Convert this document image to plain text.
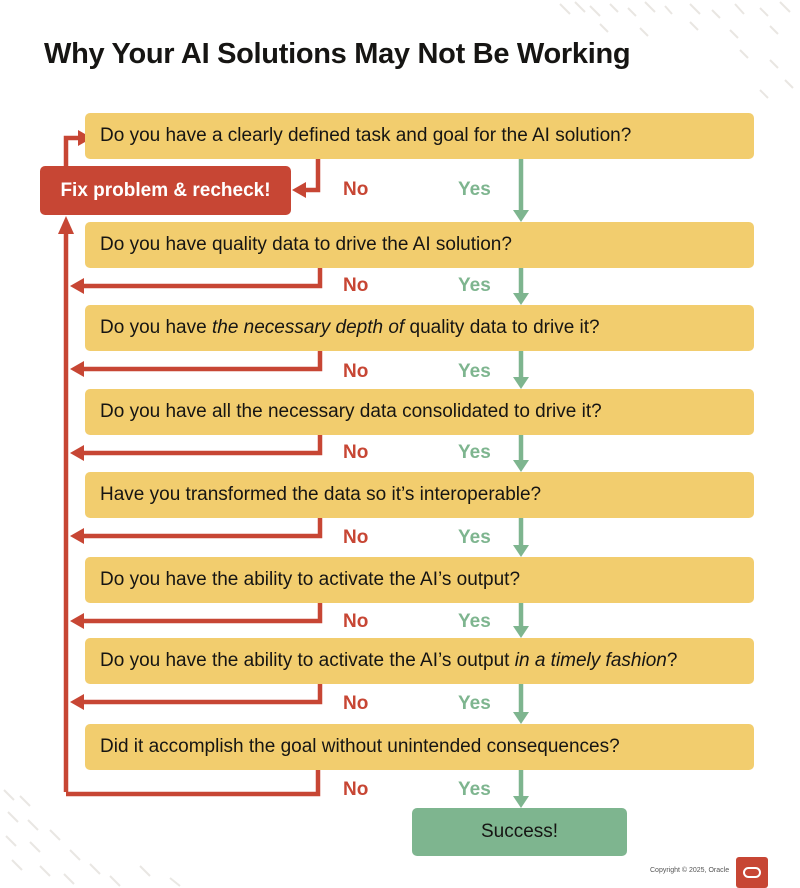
Why Your AI Solutions May Not Be Working
Fix problem & recheck!
Do you have a clearly defined task and goal for the AI solution?
No	Yes
Do you have quality data to drive the AI solution?
No	Yes
Do you have the necessary depth of quality data to drive it?
No	Yes
Do you have all the necessary data consolidated to drive it?
No	Yes
Have you transformed the data so it’s interoperable?
No	Yes
Do you have the ability to activate the AI’s output?
No	Yes
Do you have the ability to activate the AI’s output in a timely fashion?
No	Yes
Did it accomplish the goal without unintended consequences?
No	Yes
Success!
Copyright © 2025, Oracle
